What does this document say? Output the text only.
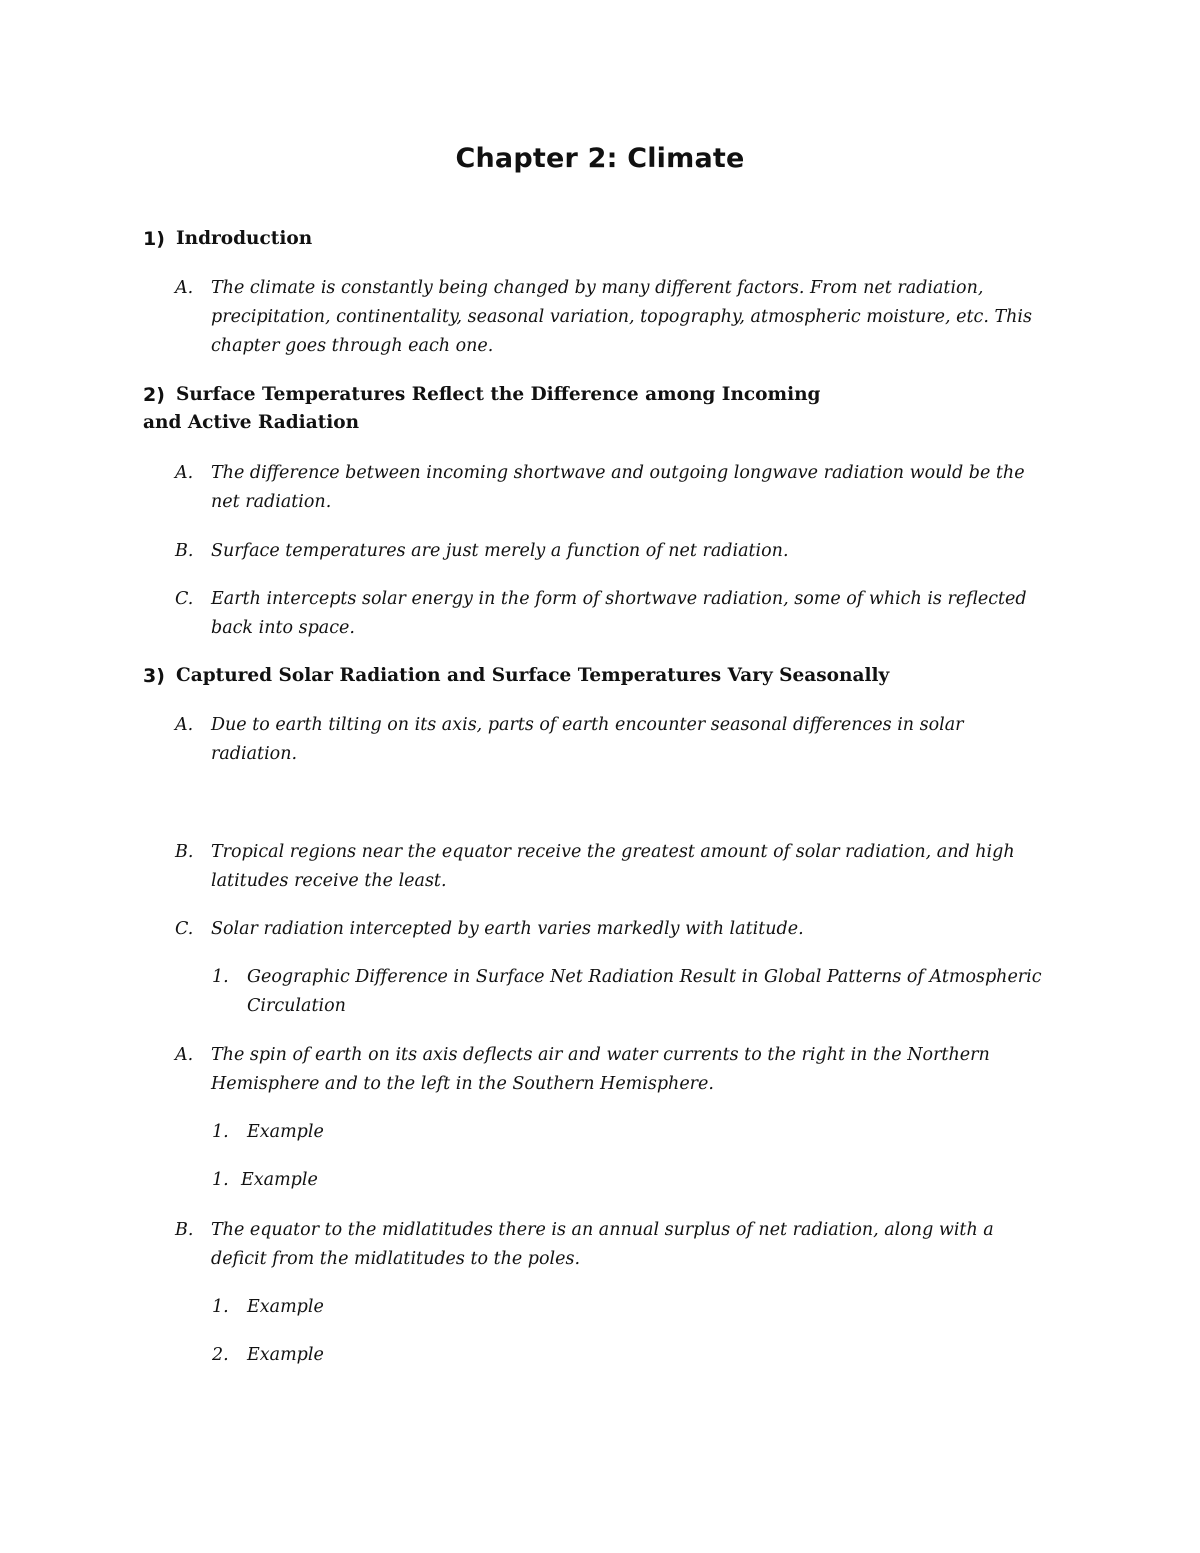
Chapter 2: Climate
1) Indroduction
A. The climate is constantly being changed by many different factors. From net radiation,
precipitation, continentality, seasonal variation, topography, atmospheric moisture, etc. This
chapter goes through each one.
2) Surface Temperatures Reflect the Difference among Incoming
and Active Radiation
A. The difference between incoming shortwave and outgoing longwave radiation would be the
net radiation.
B. Surface temperatures are just merely a function of net radiation.
C. Earth intercepts solar energy in the form of shortwave radiation, some of which is reflected
back into space.
3) Captured Solar Radiation and Surface Temperatures Vary Seasonally
A. Due to earth tilting on its axis, parts of earth encounter seasonal differences in solar
radiation.
B. Tropical regions near the equator receive the greatest amount of solar radiation, and high
latitudes receive the least.
C. Solar radiation intercepted by earth varies markedly with latitude.
1. Geographic Difference in Surface Net Radiation Result in Global Patterns of Atmospheric
Circulation
A. The spin of earth on its axis deflects air and water currents to the right in the Northern
Hemisphere and to the left in the Southern Hemisphere.
1. Example
1. Example
B. The equator to the midlatitudes there is an annual surplus of net radiation, along with a
deficit from the midlatitudes to the poles.
1. Example
2. Example
